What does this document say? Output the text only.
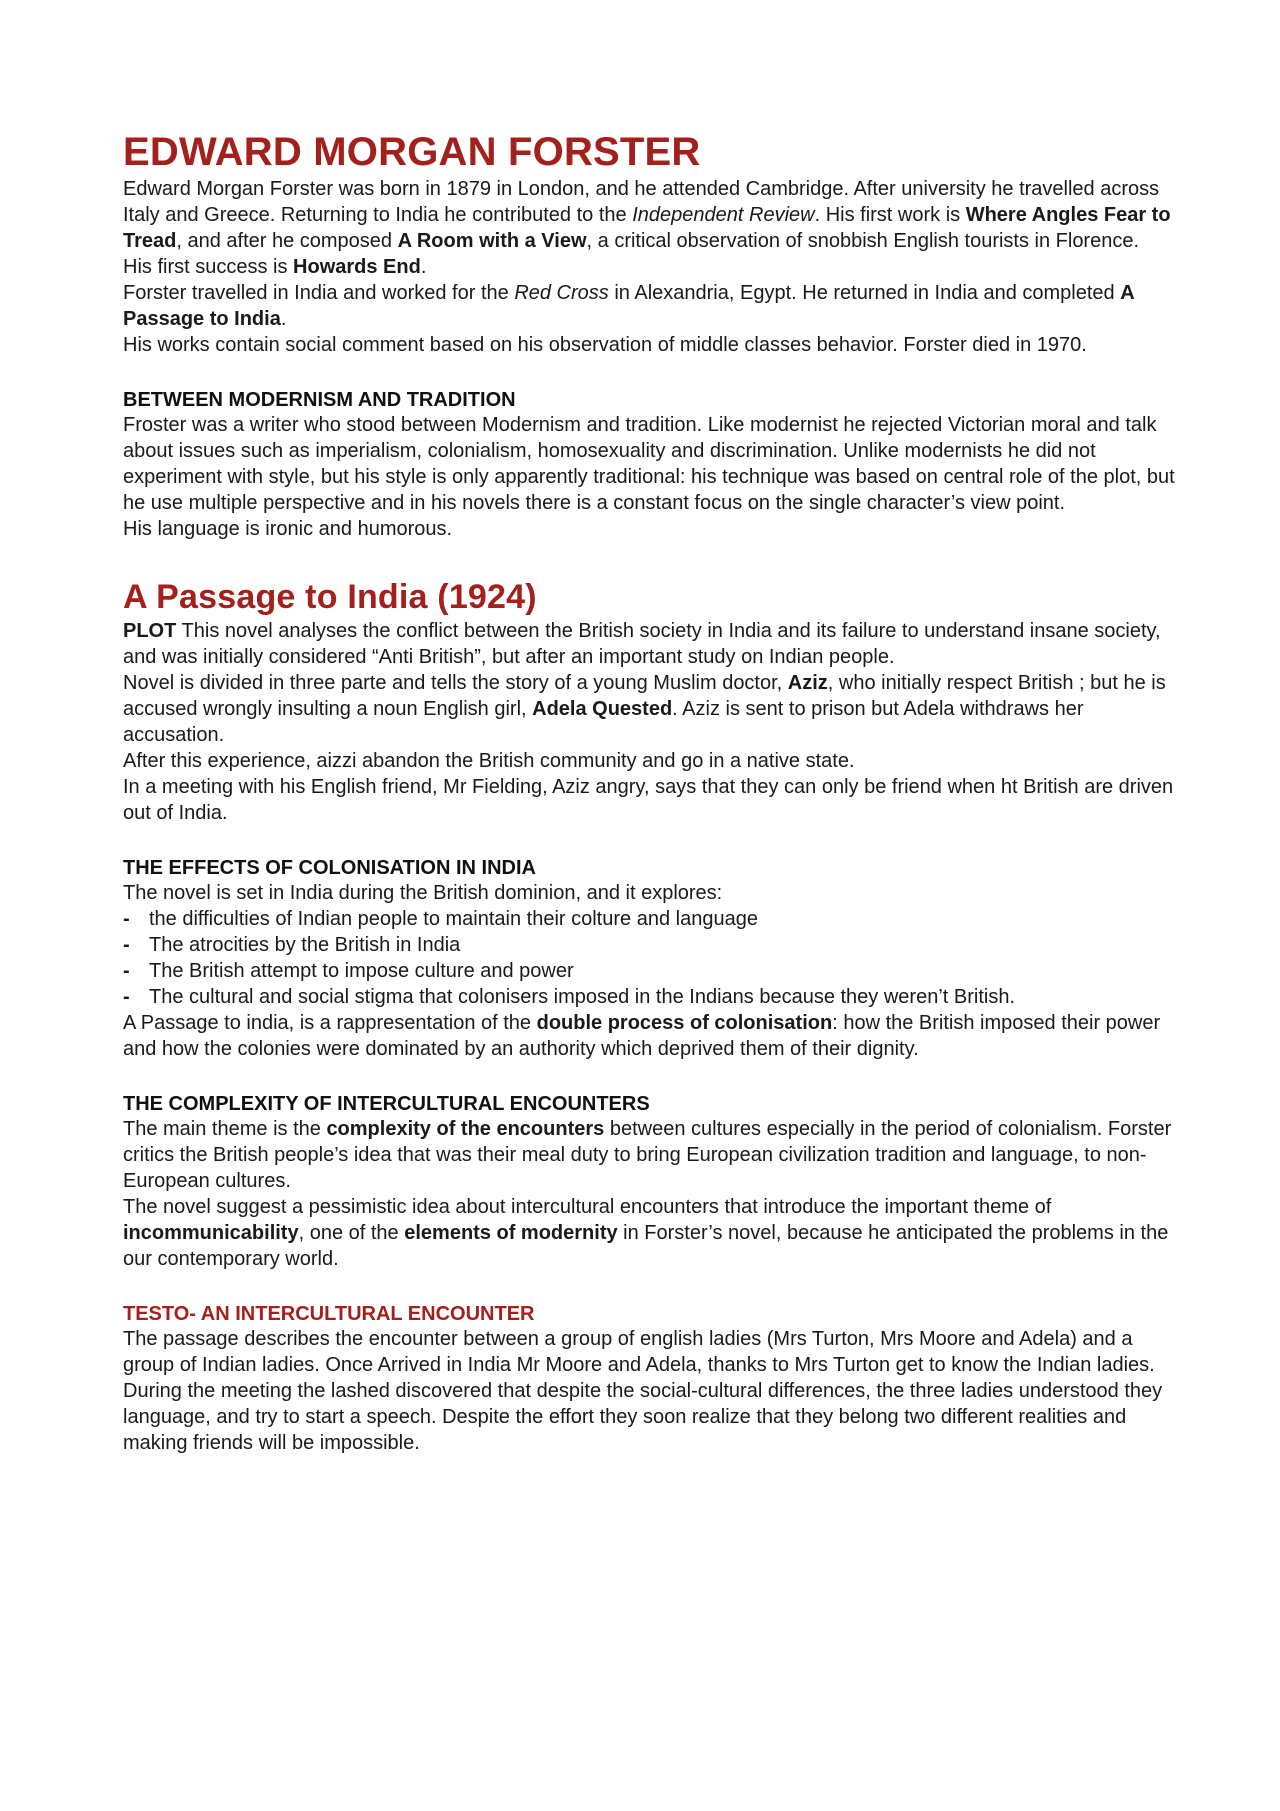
EDWARD MORGAN FORSTER

Edward Morgan Forster was born in 1879 in London, and he attended Cambridge. After university he travelled across Italy and Greece. Returning to India he contributed to the Independent Review. His first work is Where Angles Fear to Tread, and after he composed A Room with a View, a critical observation of snobbish English tourists in Florence.

His first success is Howards End.

Forster travelled in India and worked for the Red Cross in Alexandria, Egypt. He returned in India and completed A Passage to India.

His works contain social comment based on his observation of middle classes behavior. Forster died in 1970.

BETWEEN MODERNISM AND TRADITION

Froster was a writer who stood between Modernism and tradition. Like modernist he rejected Victorian moral and talk about issues such as imperialism, colonialism, homosexuality and discrimination. Unlike modernists he did not experiment with style, but his style is only apparently traditional: his technique was based on central role of the plot, but he use multiple perspective and in his novels there is a constant focus on the single character’s view point.

His language is ironic and humorous.

A Passage to India (1924)

PLOT This novel analyses the conflict between the British society in India and its failure to understand insane society, and was initially considered “Anti British”, but after an important study on Indian people.

Novel is divided in three parte and tells the story of a young Muslim doctor, Aziz, who initially respect British ; but he is accused wrongly insulting a noun English girl, Adela Quested. Aziz is sent to prison but Adela withdraws her accusation.

After this experience, aizzi abandon the British community and go in a native state.

In a meeting with his English friend, Mr Fielding, Aziz angry, says that they can only be friend when ht British are driven out of India.

THE EFFECTS OF COLONISATION IN INDIA

The novel is set in India during the British dominion, and it explores:

- the difficulties of Indian people to maintain their colture and language
- The atrocities by the British in India
- The British attempt to impose culture and power
- The cultural and social stigma that colonisers imposed in the Indians because they weren’t British.

A Passage to india, is a rappresentation of the double process of colonisation: how the British imposed their power and how the colonies were dominated by an authority which deprived them of their dignity.

THE COMPLEXITY OF INTERCULTURAL ENCOUNTERS

The main theme is the complexity of the encounters between cultures especially in the period of colonialism. Forster critics the British people’s idea that was their meal duty to bring European civilization tradition and language, to non-European cultures.

The novel suggest a pessimistic idea about intercultural encounters that introduce the important theme of incommunicability, one of the elements of modernity in Forster’s novel, because he anticipated the problems in the our contemporary world.

TESTO- AN INTERCULTURAL ENCOUNTER

The passage describes the encounter between a group of english ladies (Mrs Turton, Mrs Moore and Adela) and a group of Indian ladies. Once Arrived in India Mr Moore and Adela, thanks to Mrs Turton get to know the Indian ladies. During the meeting the lashed discovered that despite the social-cultural differences, the three ladies understood they language, and try to start a speech. Despite the effort they soon realize that they belong two different realities and making friends will be impossible.
